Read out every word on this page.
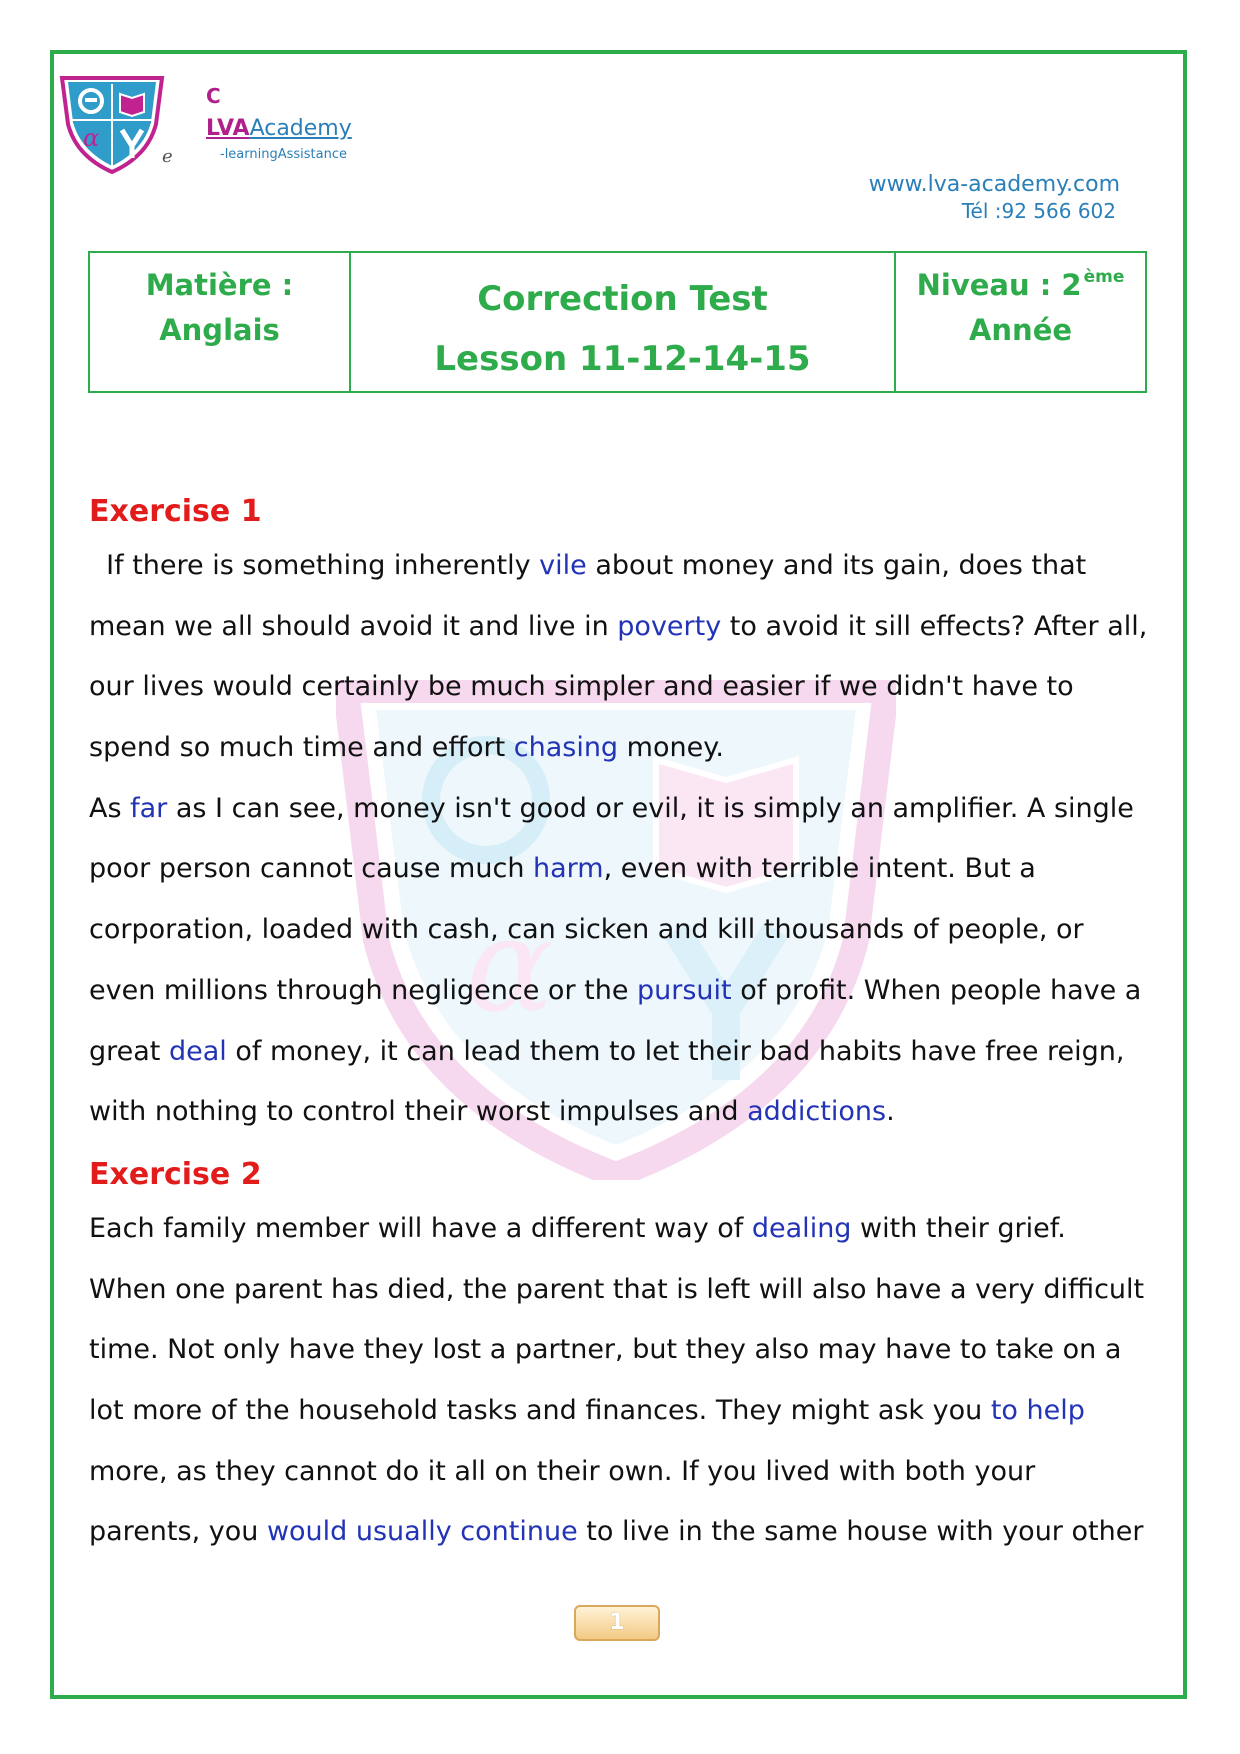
α
C
LVAAcademy
-learningAssistance
e
www.lva-academy.com
Tél :92 566 602
Matière :
Anglais
Correction Test
Lesson 11-12-14-15
Niveau : 2 $^{ème}$
Année
α
Exercise 1
If there is something inherently vile about money and its gain, does that
mean we all should avoid it and live in poverty to avoid it sill effects? After all,
our lives would certainly be much simpler and easier if we didn't have to
spend so much time and effort chasing money.
As far as I can see, money isn't good or evil, it is simply an amplifier. A single
poor person cannot cause much harm, even with terrible intent. But a
corporation, loaded with cash, can sicken and kill thousands of people, or
even millions through negligence or the pursuit of profit. When people have a
great deal of money, it can lead them to let their bad habits have free reign,
with nothing to control their worst impulses and addictions.
Exercise 2
Each family member will have a different way of dealing with their grief.
When one parent has died, the parent that is left will also have a very difficult
time. Not only have they lost a partner, but they also may have to take on a
lot more of the household tasks and finances. They might ask you to help
more, as they cannot do it all on their own. If you lived with both your
parents, you would usually continue to live in the same house with your other
1
